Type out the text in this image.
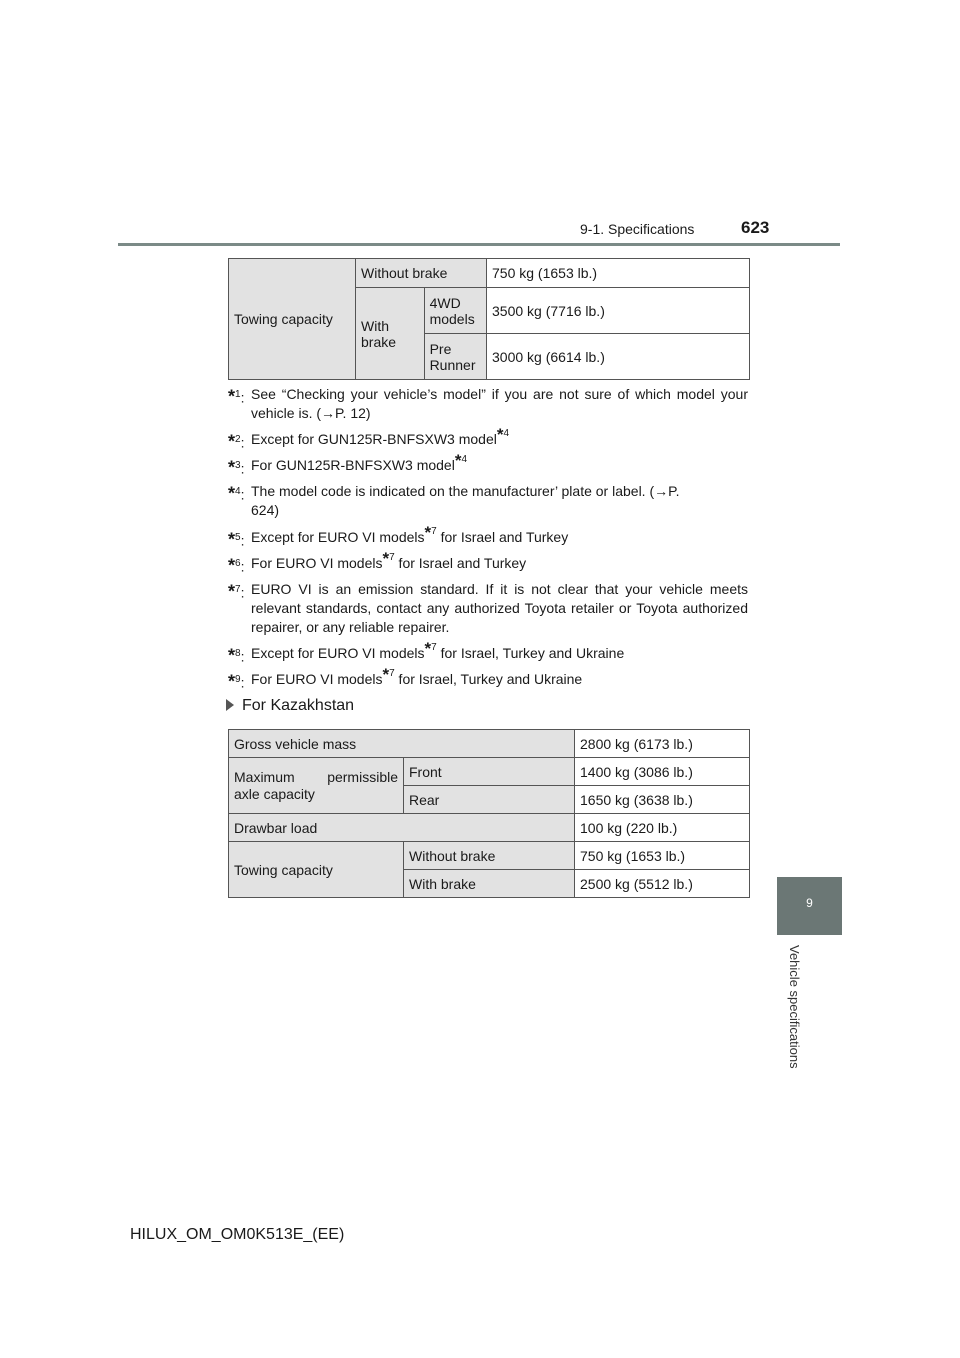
9-1. Specifications	623
9
Vehicle specifications
Towing capacity	Without brake		750 kg (1653 lb.)
	With brake	4WD models	3500 kg (7716 lb.)
		Pre Runner	3000 kg (6614 lb.)
*$^1$: See “Checking your vehicle’s model” if you are not sure of which model your vehicle is. (→P. 12)
*$^2$: Except for GUN125R-BNFSXW3 model*$^4$
*$^3$: For GUN125R-BNFSXW3 model*$^4$
*$^4$: The model code is indicated on the manufacturer’ plate or label. (→P. 624)
*$^5$: Except for EURO VI models*$^7$ for Israel and Turkey
*$^6$: For EURO VI models*$^7$ for Israel and Turkey
*$^7$: EURO VI is an emission standard. If it is not clear that your vehicle meets relevant standards, contact any authorized Toyota retailer or Toyota authorized repairer, or any reliable repairer.
*$^8$: Except for EURO VI models*$^7$ for Israel, Turkey and Ukraine
*$^9$: For EURO VI models*$^7$ for Israel, Turkey and Ukraine
For Kazakhstan
Gross vehicle mass		2800 kg (6173 lb.)
Maximum permissible axle capacity	Front	1400 kg (3086 lb.)
	Rear	1650 kg (3638 lb.)
Drawbar load		100 kg (220 lb.)
Towing capacity	Without brake	750 kg (1653 lb.)
	With brake	2500 kg (5512 lb.)
HILUX_OM_OM0K513E_(EE)
